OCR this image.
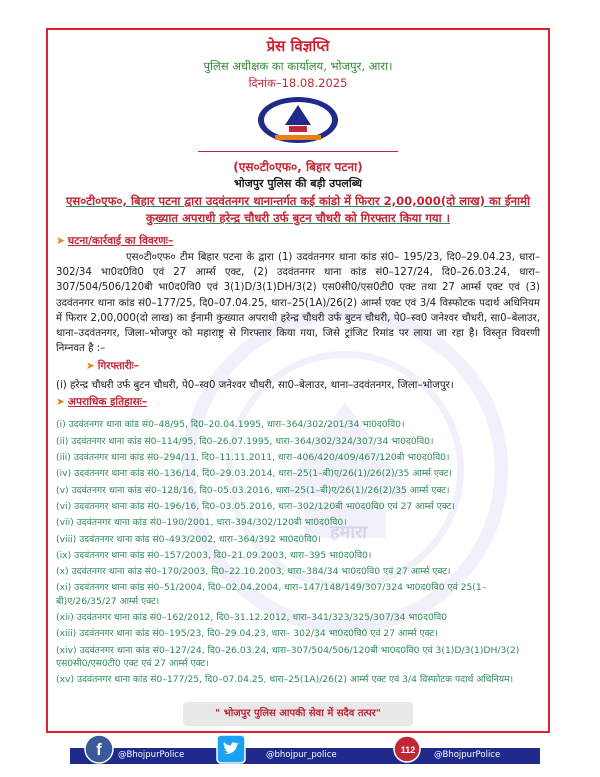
हमारा
प्रेस विज्ञप्ति
पुलिस अधीक्षक का कार्यालय, भोजपुर, आरा।
दिनांक–18.08.2025
(एस०टी०एफ०, बिहार पटना)
भोजपुर पुलिस की बड़ी उपलब्धि
एस०टी०एफ०, बिहार पटना द्वारा उदवंतनगर थानान्तर्गत कई कांडो में फिरार 2,00,000(दो लाख) का ईनामी कुख्यात अपराधी हरेन्द्र चौधरी उर्फ बुटन चौधरी को गिरफ्तार किया गया ।
➤ घटना/कार्रवाई का विवरणः–
एस०टी०एफ० टीम बिहार पटना के द्वारा (1) उदवंतनगर थाना कांड सं0– 195/23, दि0–29.04.23, धारा– 302/34 भा0द0वि0 एवं 27 आर्म्स एक्ट, (2) उदवंतनगर थाना कांड सं0–127/24, दि0–26.03.24, धारा–307/504/506/120बी भा0द0वि0 एवं 3(1)D/3(1)DH/3(2) एस0सी0/एस0टी0 एक्ट तथा 27 आर्म्स एक्ट एवं (3) उदवंतनगर थाना कांड सं0–177/25, दि0–07.04.25, धारा–25(1A)/26(2) आर्म्स एक्ट एवं 3/4 विस्फोटक पदार्थ अधिनियम में फिरार 2,00,000(दो लाख) का ईनामी कुख्यात अपराधी हरेन्द्र चौधरी उर्फ बुटन चौधरी, पे0–स्व0 जनेश्वर चौधरी, सा0–बेलाउर, थाना–उदवंतनगर, जिला–भोजपुर को महाराष्ट्र से गिरफ्तार किया गया, जिसे ट्रांजिट रिमांड पर लाया जा रहा है। विस्तृत विवरणी निम्नवत है :–
➤ गिरफ्तारीः–
(i) हरेन्द्र चौधरी उर्फ बुटन चौधरी, पे0–स्व0 जनेश्वर चौधरी, सा0–बेलाउर, थाना–उदवंतनगर, जिला–भोजपुर।
➤ अपराधिक इतिहासः–
(i) उदवंतनगर थाना कांड सं0–48/95, दि0–20.04.1995, धारा–364/302/201/34 भा0द0वि0।
(ii) उदवंतनगर थाना कांड सं0–114/95, दि0–26.07.1995, धारा–364/302/324/307/34 भा0द0वि0।
(iii) उदवंतनगर थाना कांड सं0–294/11, दि0–11.11.2011, धारा–406/420/409/467/120बी भा0द0वि0।
(iv) उदवंतनगर थाना कांड सं0–136/14, दि0–29.03.2014, धारा–25(1–बी)ए/26(1)/26(2)/35 आर्म्स एक्ट।
(v) उदवंतनगर थाना कांड सं0–128/16, दि0–05.03.2016, धारा–25(1–बी)ए/26(1)/26(2)/35 आर्म्स एक्ट।
(vi) उदवंतनगर थाना कांड सं0–196/16, दि0–03.05.2016, धारा–302/120बी भा0द0वि0 एवं 27 आर्म्स एक्ट।
(vii) उदवंतनगर थाना कांड सं0–190/2001, धारा–394/302/120बी भा0द0वि0।
(viii) उदवंतनगर थाना कांड सं0–493/2002, धारा–364/392 भा0द0वि0।
(ix) उदवंतनगर थाना कांड सं0–157/2003, दि0–21.09.2003, धारा–395 भा0द0वि0।
(x) उदवंतनगर थाना कांड सं0–170/2003, दि0–22.10.2003, धारा–384/34 भा0द0वि0 एवं 27 आर्म्स एक्ट।
(xi) उदवंतनगर थाना कांड सं0–51/2004, दि0–02.04.2004, धारा–147/148/149/307/324 भा0द0वि0 एवं 25(1–बी)ए/26/35/27 आर्म्स एक्ट।
(xii) उदवंतनगर थाना कांड सं0–162/2012, दि0–31.12.2012, धारा–341/323/325/307/34 भा0द0वि0
(xiii) उदवंतनगर थाना कांड सं0–195/23, दि0–29.04.23, धारा– 302/34 भा0द0वि0 एवं 27 आर्म्स एक्ट।
(xiv) उदवंतनगर थाना कांड सं0–127/24, दि0–26.03.24, धारा–307/504/506/120बी भा0द0वि0 एवं 3(1)D/3(1)DH/3(2) एस0सी0/एस0टी0 एक्ट एवं 27 आर्म्स एक्ट।
(xv) उदवंतनगर थाना कांड सं0–177/25, दि0–07.04.25, धारा–25(1A)/26(2) आर्म्स एक्ट एवं 3/4 विस्फोटक पदार्थ अधिनियम।
" भोजपुर पुलिस आपकी सेवा में सदैव तत्पर"
f @BhojpurPolice	@bhojpur_police	112 @BhojpurPolice
